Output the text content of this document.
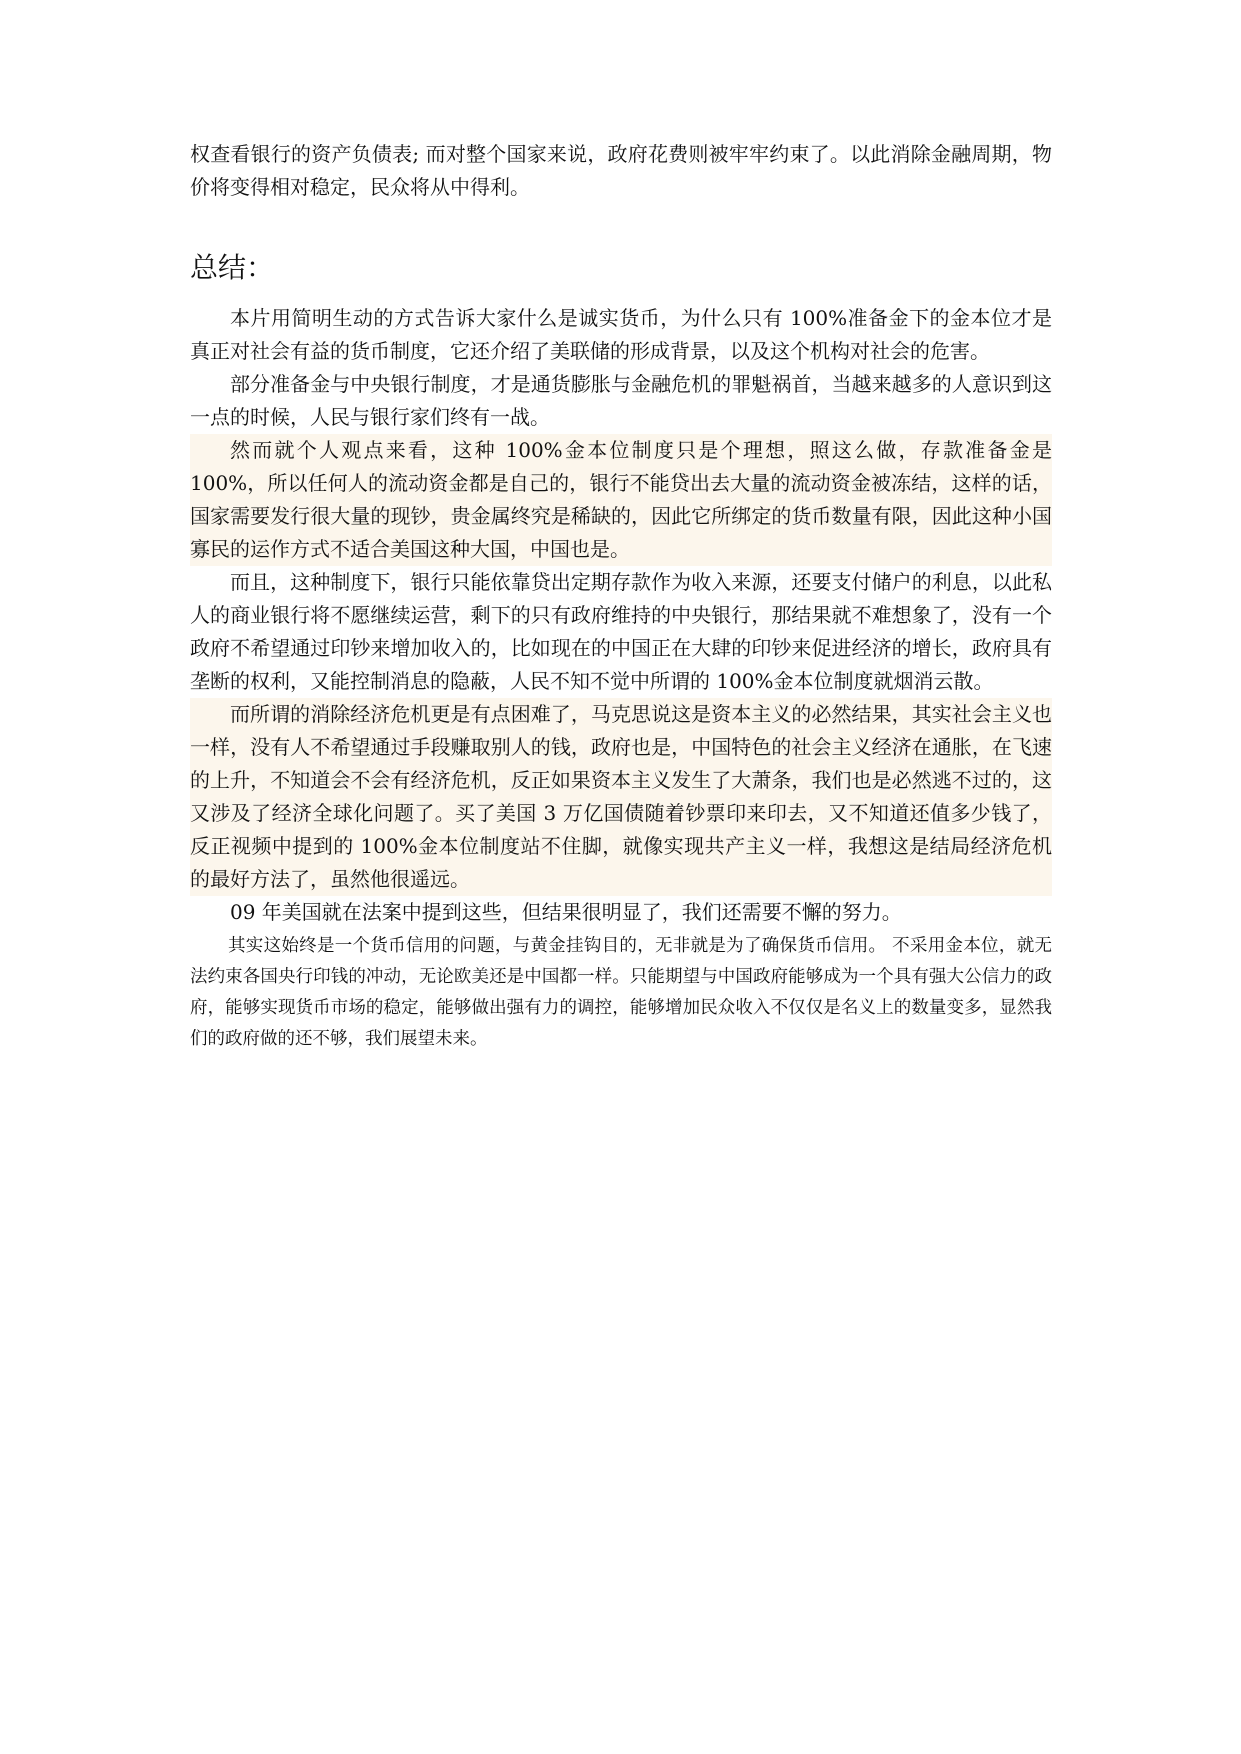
权查看银行的资产负债表; 而对整个国家来说，政府花费则被牢牢约束了。以此消除金融周期，物价将变得相对稳定，民众将从中得利。

总结：

本片用简明生动的方式告诉大家什么是诚实货币，为什么只有 100%准备金下的金本位才是真正对社会有益的货币制度，它还介绍了美联储的形成背景，以及这个机构对社会的危害。

部分准备金与中央银行制度，才是通货膨胀与金融危机的罪魁祸首，当越来越多的人意识到这一点的时候，人民与银行家们终有一战。

然而就个人观点来看，这种 100%金本位制度只是个理想，照这么做，存款准备金是 100%，所以任何人的流动资金都是自己的，银行不能贷出去大量的流动资金被冻结，这样的话，国家需要发行很大量的现钞，贵金属终究是稀缺的，因此它所绑定的货币数量有限，因此这种小国寡民的运作方式不适合美国这种大国，中国也是。

而且，这种制度下，银行只能依靠贷出定期存款作为收入来源，还要支付储户的利息，以此私人的商业银行将不愿继续运营，剩下的只有政府维持的中央银行，那结果就不难想象了，没有一个政府不希望通过印钞来增加收入的，比如现在的中国正在大肆的印钞来促进经济的增长，政府具有垄断的权利，又能控制消息的隐蔽，人民不知不觉中所谓的 100%金本位制度就烟消云散。

而所谓的消除经济危机更是有点困难了，马克思说这是资本主义的必然结果，其实社会主义也一样，没有人不希望通过手段赚取别人的钱，政府也是，中国特色的社会主义经济在通胀，在飞速的上升，不知道会不会有经济危机，反正如果资本主义发生了大萧条，我们也是必然逃不过的，这又涉及了经济全球化问题了。买了美国 3 万亿国债随着钞票印来印去，又不知道还值多少钱了，反正视频中提到的 100%金本位制度站不住脚，就像实现共产主义一样，我想这是结局经济危机的最好方法了，虽然他很遥远。

09 年美国就在法案中提到这些，但结果很明显了，我们还需要不懈的努力。

其实这始终是一个货币信用的问题，与黄金挂钩目的，无非就是为了确保货币信用。 不采用金本位，就无法约束各国央行印钱的冲动，无论欧美还是中国都一样。只能期望与中国政府能够成为一个具有强大公信力的政府，能够实现货币市场的稳定，能够做出强有力的调控，能够增加民众收入不仅仅是名义上的数量变多，显然我们的政府做的还不够，我们展望未来。
